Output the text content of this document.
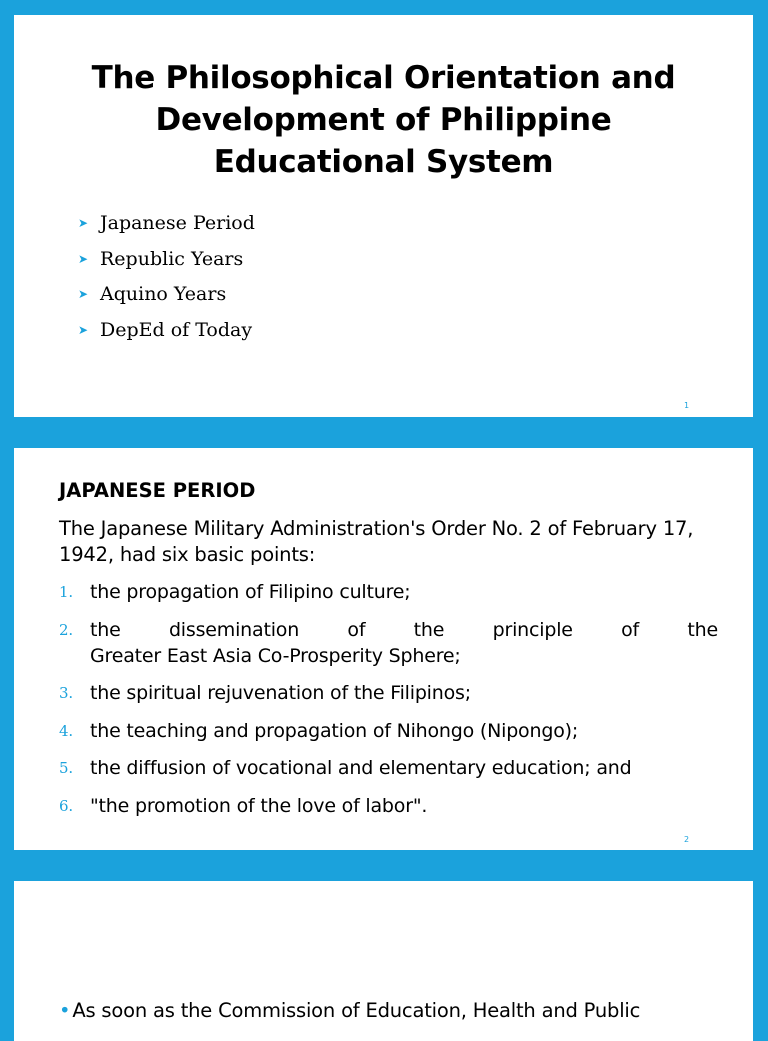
The Philosophical Orientation and
Development of Philippine
Educational System
➤ Japanese Period
➤ Republic Years
➤ Aquino Years
➤ DepEd of Today
1
JAPANESE PERIOD

The Japanese Military Administration's Order No. 2 of February 17, 1942, had six basic points:

1. the propagation of Filipino culture;
2. the dissemination of the principle of the
Greater East Asia Co-Prosperity Sphere;
3. the spiritual rejuvenation of the Filipinos;
4. the teaching and propagation of Nihongo (Nipongo);
5. the diffusion of vocational and elementary education; and
6. "the promotion of the love of labor".
2

• As soon as the Commission of Education, Health and Public
